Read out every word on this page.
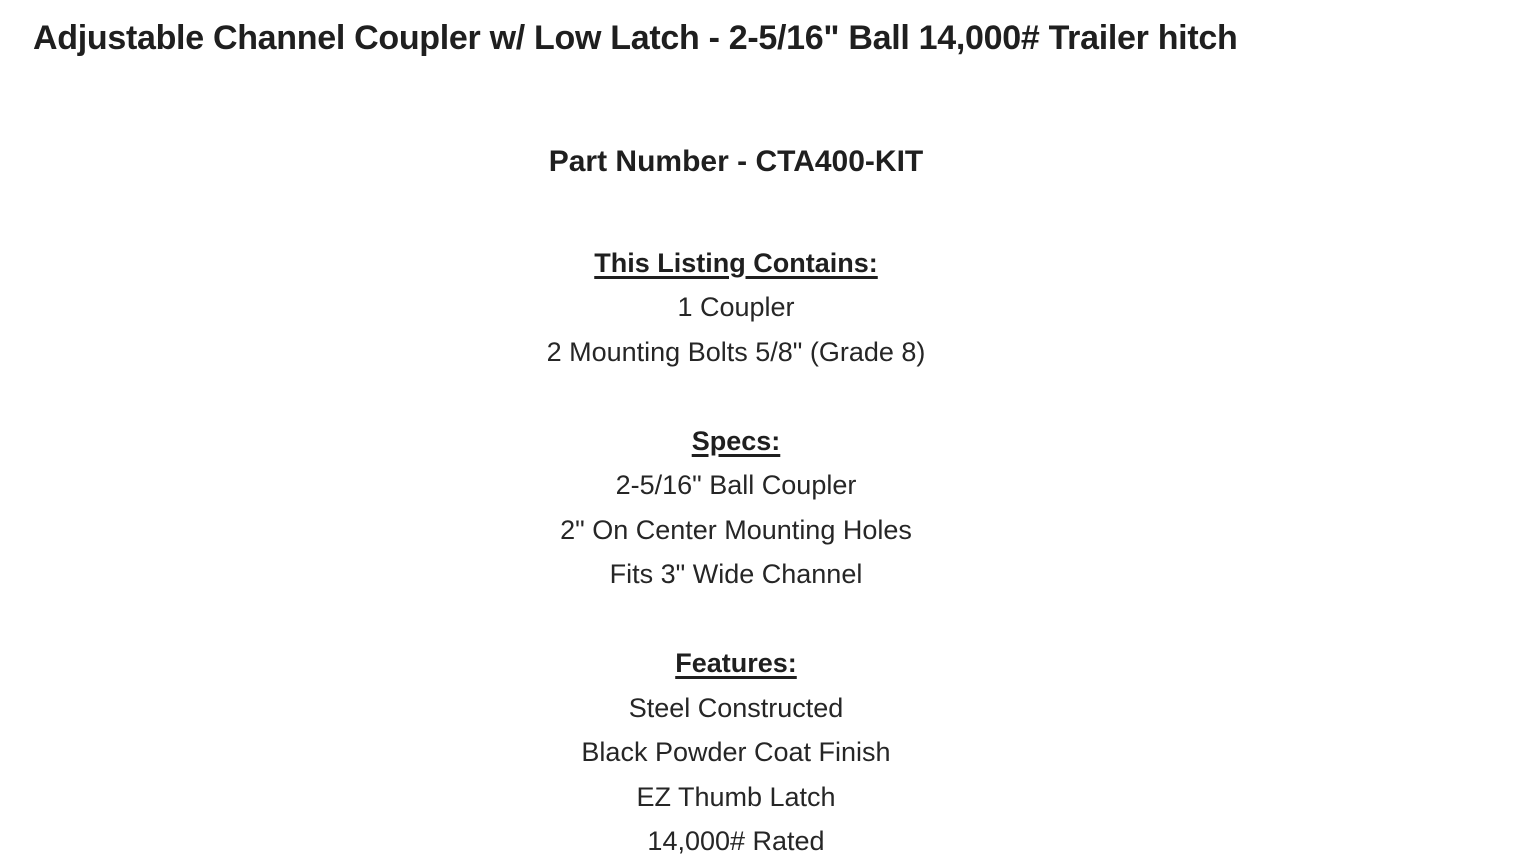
Adjustable Channel Coupler w/ Low Latch - 2-5/16" Ball 14,000# Trailer hitch

Part Number - CTA400-KIT

This Listing Contains:
1 Coupler
2 Mounting Bolts 5/8" (Grade 8)
Specs:
2-5/16" Ball Coupler
2" On Center Mounting Holes
Fits 3" Wide Channel
Features:
Steel Constructed
Black Powder Coat Finish
EZ Thumb Latch
14,000# Rated
